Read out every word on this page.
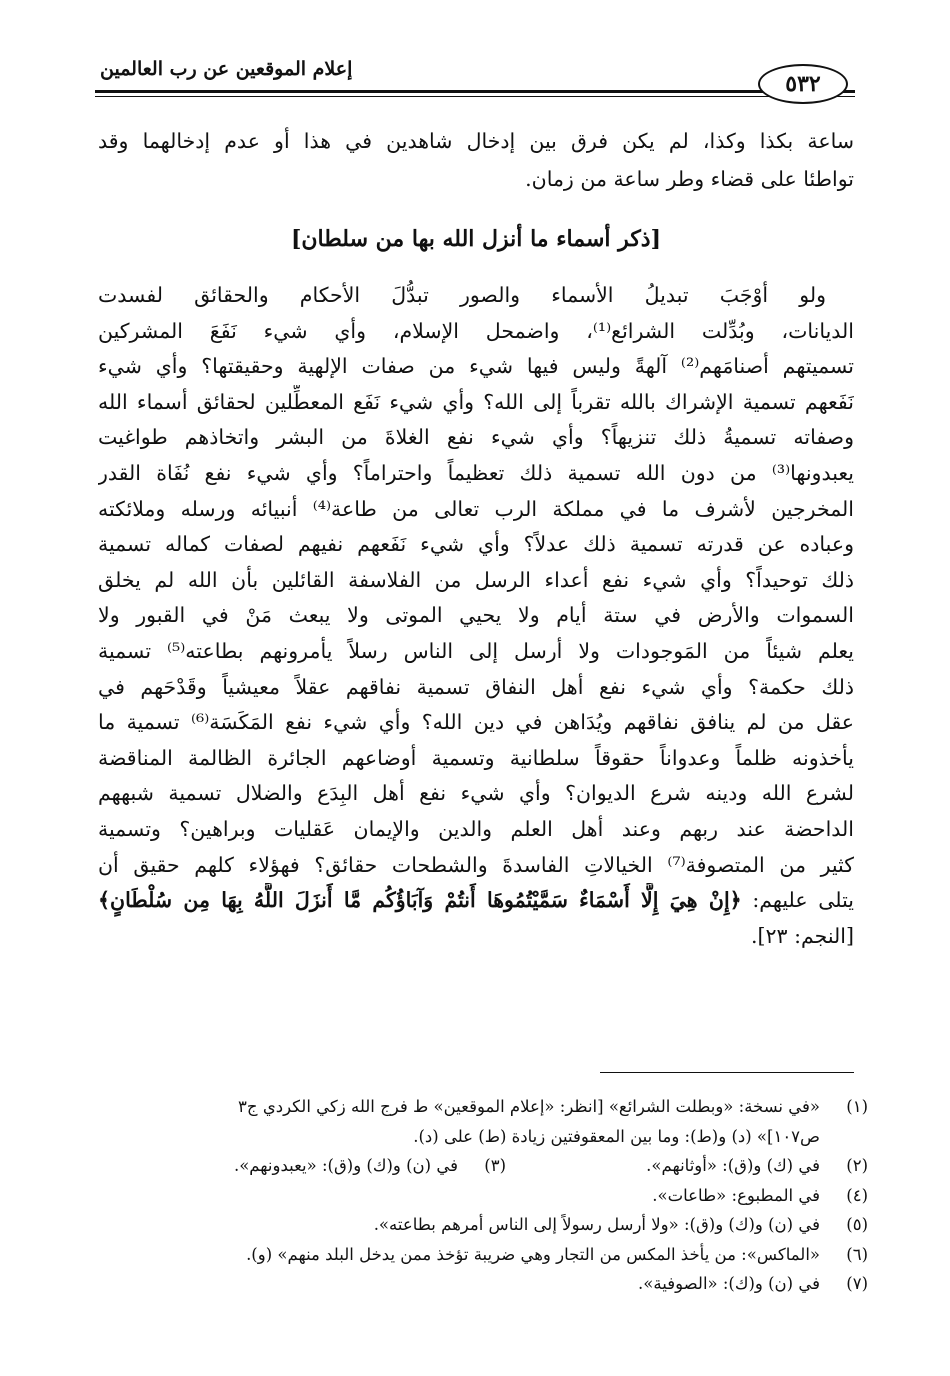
إعلام الموقعين عن رب العالمين
٥٣٢
ساعة بكذا وكذا، لم يكن فرق بين إدخال شاهدين في هذا أو عدم إدخالهما وقد
تواطئا على قضاء وطر ساعة من زمان.
[ذكر أسماء ما أنزل الله بها من سلطان]
ولو أوْجَبَ تبديلُ الأسماء والصور تبدُّلَ الأحكام والحقائق لفسدت
الديانات، وبُدِّلت الشرائع⁽¹⁾، واضمحل الإسلام، وأي شيء نَفَعَ المشركين
تسميتهم أصنامَهم⁽²⁾ آلهةً وليس فيها شيء من صفات الإلهية وحقيقتها؟ وأي شيء
نَفَعهم تسمية الإشراك بالله تقرباً إلى الله؟ وأي شيء نَفَع المعطِّلين لحقائق أسماء الله
وصفاته تسميةُ ذلك تنزيهاً؟ وأي شيء نفع الغلاةَ من البشر واتخاذهم طواغيت
يعبدونها⁽³⁾ من دون الله تسمية ذلك تعظيماً واحتراماً؟ وأي شيء نفع نُفَاة القدر
المخرجين لأشرف ما في مملكة الرب تعالى من طاعة⁽⁴⁾ أنبيائه ورسله وملائكته
وعباده عن قدرته تسمية ذلك عدلاً؟ وأي شيء نَفَعهم نفيهم لصفات كماله تسمية
ذلك توحيداً؟ وأي شيء نفع أعداء الرسل من الفلاسفة القائلين بأن الله لم يخلق
السموات والأرض في ستة أيام ولا يحيي الموتى ولا يبعث مَنْ في القبور ولا
يعلم شيئاً من المَوجودات ولا أرسل إلى الناس رسلاً يأمرونهم بطاعته⁽⁵⁾ تسمية
ذلك حكمة؟ وأي شيء نفع أهل النفاق تسمية نفاقهم عقلاً معيشياً وقَدْحَهم في
عقل من لم ينافق نفاقهم ويُدَاهن في دين الله؟ وأي شيء نفع المَكَسَة⁽⁶⁾ تسمية ما
يأخذونه ظلماً وعدواناً حقوقاً سلطانية وتسمية أوضاعهم الجائرة الظالمة المناقضة
لشرع الله ودينه شرع الديوان؟ وأي شيء نفع أهل البِدَع والضلال تسمية شبههم
الداحضة عند ربهم وعند أهل العلم والدين والإيمان عَقليات وبراهين؟ وتسمية
كثير من المتصوفة⁽⁷⁾ الخيالاتِ الفاسدةَ والشطحات حقائق؟ فهؤلاء كلهم حقيق أن
يتلى عليهم: ﴿إِنْ هِيَ إِلَّا أَسْمَاءٌ سَمَّيْتُمُوهَا أَنتُمْ وَآبَاؤُكُم مَّا أَنزَلَ اللَّهُ بِهَا مِن سُلْطَانٍ﴾
[النجم: ٢٣].
(١)
«في نسخة: «وبطلت الشرائع» [انظر: «إعلام الموقعين» ط فرج الله زكي الكردي ج٣
ص١٠٧]» (د) و(ط): وما بين المعقوفتين زيادة (ط) على (د).
(٢)
في (ك) و(ق): «أوثانهم».
(٣)
في (ن) و(ك) و(ق): «يعبدونهم».
(٤)
في المطبوع: «طاعات».
(٥)
في (ن) و(ك) و(ق): «ولا أرسل رسولاً إلى الناس أمرهم بطاعته».
(٦)
«الماكس»: من يأخذ المكس من التجار وهي ضريبة تؤخذ ممن يدخل البلد منهم» (و).
(٧)
في (ن) و(ك): «الصوفية».
